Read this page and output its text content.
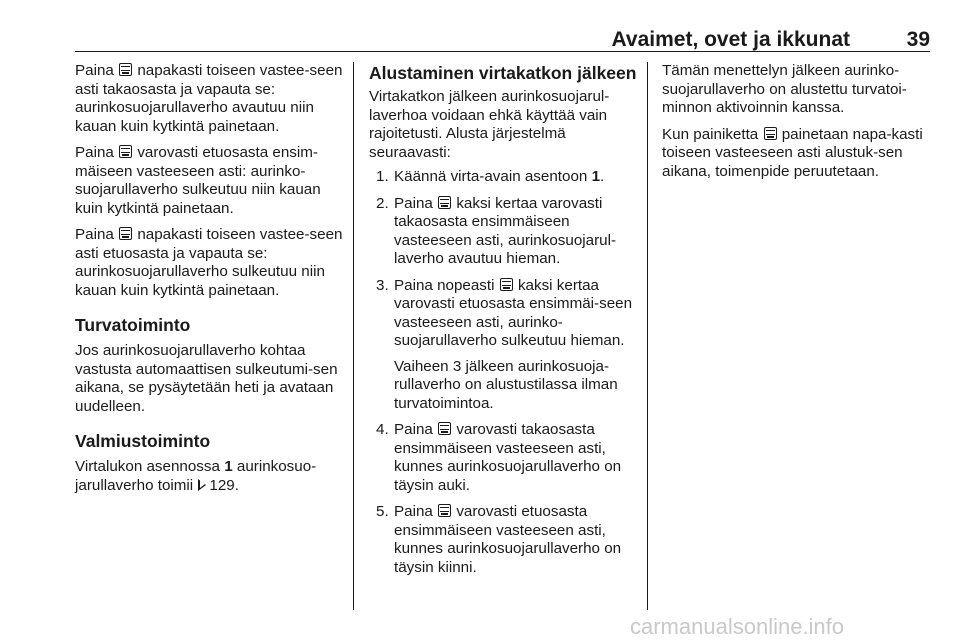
Avaimet, ovet ja ikkunat	39

Paina napakasti toiseen vastee-seen asti takaosasta ja vapauta se: aurinkosuojarullaverho avautuu niin kauan kuin kytkintä painetaan.

Paina varovasti etuosasta ensim-mäiseen vasteeseen asti: aurinko-suojarullaverho sulkeutuu niin kauan kuin kytkintä painetaan.

Paina napakasti toiseen vastee-seen asti etuosasta ja vapauta se: aurinkosuojarullaverho sulkeutuu niin kauan kuin kytkintä painetaan.

Turvatoiminto

Jos aurinkosuojarullaverho kohtaa vastusta automaattisen sulkeutumi-sen aikana, se pysäytetään heti ja avataan uudelleen.

Valmiustoiminto

Virtalukon asennossa 1 aurinkosuo-jarullaverho toimii 129.

Alustaminen virtakatkon jälkeen

Virtakatkon jälkeen aurinkosuojarul-laverhoa voidaan ehkä käyttää vain rajoitetusti. Alusta järjestelmä seuraavasti:

1. Käännä virta-avain asentoon 1.
2. Paina kaksi kertaa varovasti takaosasta ensimmäiseen vasteeseen asti, aurinkosuojarul-laverho avautuu hieman.
3. Paina nopeasti kaksi kertaa varovasti etuosasta ensimmäi-seen vasteeseen asti, aurinko-suojarullaverho sulkeutuu hieman.
Vaiheen 3 jälkeen aurinkosuoja-rullaverho on alustustilassa ilman turvatoimintoa.
4. Paina varovasti takaosasta ensimmäiseen vasteeseen asti, kunnes aurinkosuojarullaverho on täysin auki.
5. Paina varovasti etuosasta ensimmäiseen vasteeseen asti, kunnes aurinkosuojarullaverho on täysin kiinni.

Tämän menettelyn jälkeen aurinko-suojarullaverho on alustettu turvatoi-minnon aktivoinnin kanssa.

Kun painiketta painetaan napa-kasti toiseen vasteeseen asti alustuk-sen aikana, toimenpide peruutetaan.

carmanualsonline.info
